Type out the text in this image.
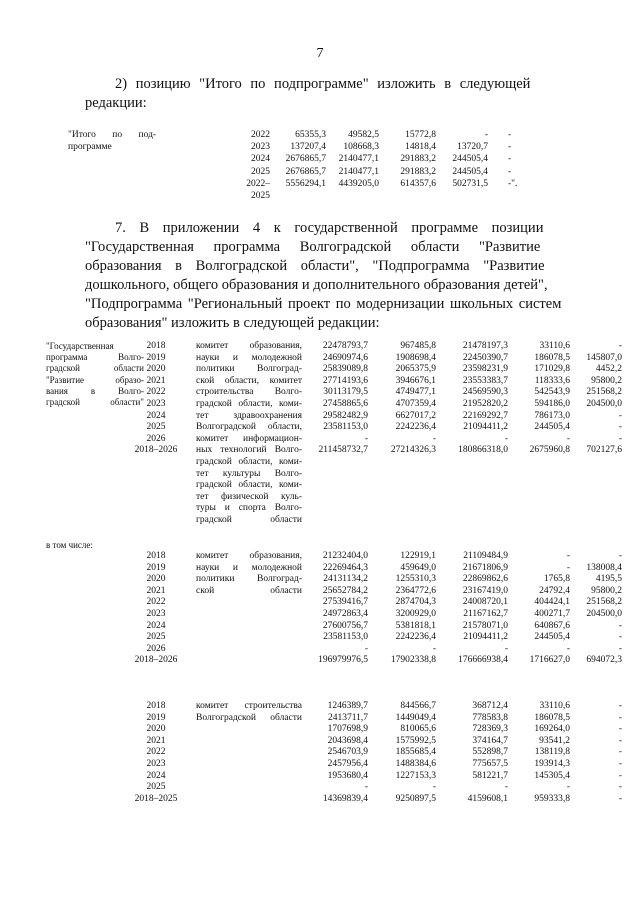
7
2) позицию "Итого по подпрограмме" изложить в следующей
редакции:
"Итого по под-
программе
2022	65355,3	49582,5	15772,8	- -
2023	137207,4	108668,3	14818,4	13720,7 -
2024	2676865,7	2140477,1	291883,2	244505,4 -
2025	2676865,7	2140477,1	291883,2	244505,4 -
2022–	5556294,1	4439205,0	614357,6	502731,5 -".
2025
7. В приложении 4 к государственной программе позиции
"Государственная программа Волгоградской области "Развитие
образования в Волгоградской области", "Подпрограмма "Развитие
дошкольного, общего образования и дополнительного образования детей",
"Подпрограмма "Региональный проект по модернизации школьных систем
образования" изложить в следующей редакции:
"Государственная
программа Волго-
градской области
"Развитие образо-
вания в Волго-
градской области"
комитет образования,
науки и молодежной
политики Волгоград-
ской области, комитет
строительства Волго-
градской области, коми-
тет здравоохранения
Волгоградской области,
комитет информацион-
ных технологий Волго-
градской области, коми-
тет культуры Волго-
градской области, коми-
тет физической куль-
туры и спорта Волго-
градской области
2018	22478793,7	967485,8	21478197,3	33110,6	-
2019	24690974,6	1908698,4	22450390,7	186078,5	145807,0
2020	25839089,8	2065375,9	23598231,9	171029,8	4452,2
2021	27714193,6	3946676,1	23553383,7	118333,6	95800,2
2022	30113179,5	4749477,1	24569590,3	542543,9	251568,2
2023	27458865,6	4707359,4	21952820,2	594186,0	204500,0
2024	29582482,9	6627017,2	22169292,7	786173,0	-
2025	23581153,0	2242236,4	21094411,2	244505,4	-
2026	-	-	-	-	-
2018–2026	211458732,7	27214326,3	180866318,0	2675960,8	702127,6
в том числе:
комитет образования,
науки и молодежной
политики Волгоград-
ской области
2018	21232404,0	122919,1	21109484,9	-	-
2019	22269464,3	459649,0	21671806,9	-	138008,4
2020	24131134,2	1255310,3	22869862,6	1765,8	4195,5
2021	25652784,2	2364772,6	23167419,0	24792,4	95800,2
2022	27539416,7	2874704,3	24008720,1	404424,1	251568,2
2023	24972863,4	3200929,0	21167162,7	400271,7	204500,0
2024	27600756,7	5381818,1	21578071,0	640867,6	-
2025	23581153,0	2242236,4	21094411,2	244505,4	-
2026	-	-	-	-	-
2018–2026	196979976,5	17902338,8	176666938,4	1716627,0	694072,3
комитет строительства
Волгоградской области
2018	1246389,7	844566,7	368712,4	33110,6	-
2019	2413711,7	1449049,4	778583,8	186078,5	-
2020	1707698,9	810065,6	728369,3	169264,0	-
2021	2043698,4	1575992,5	374164,7	93541,2	-
2022	2546703,9	1855685,4	552898,7	138119,8	-
2023	2457956,4	1488384,6	775657,5	193914,3	-
2024	1953680,4	1227153,3	581221,7	145305,4	-
2025	-	-	-	-	-
2018–2025	14369839,4	9250897,5	4159608,1	959333,8	-
